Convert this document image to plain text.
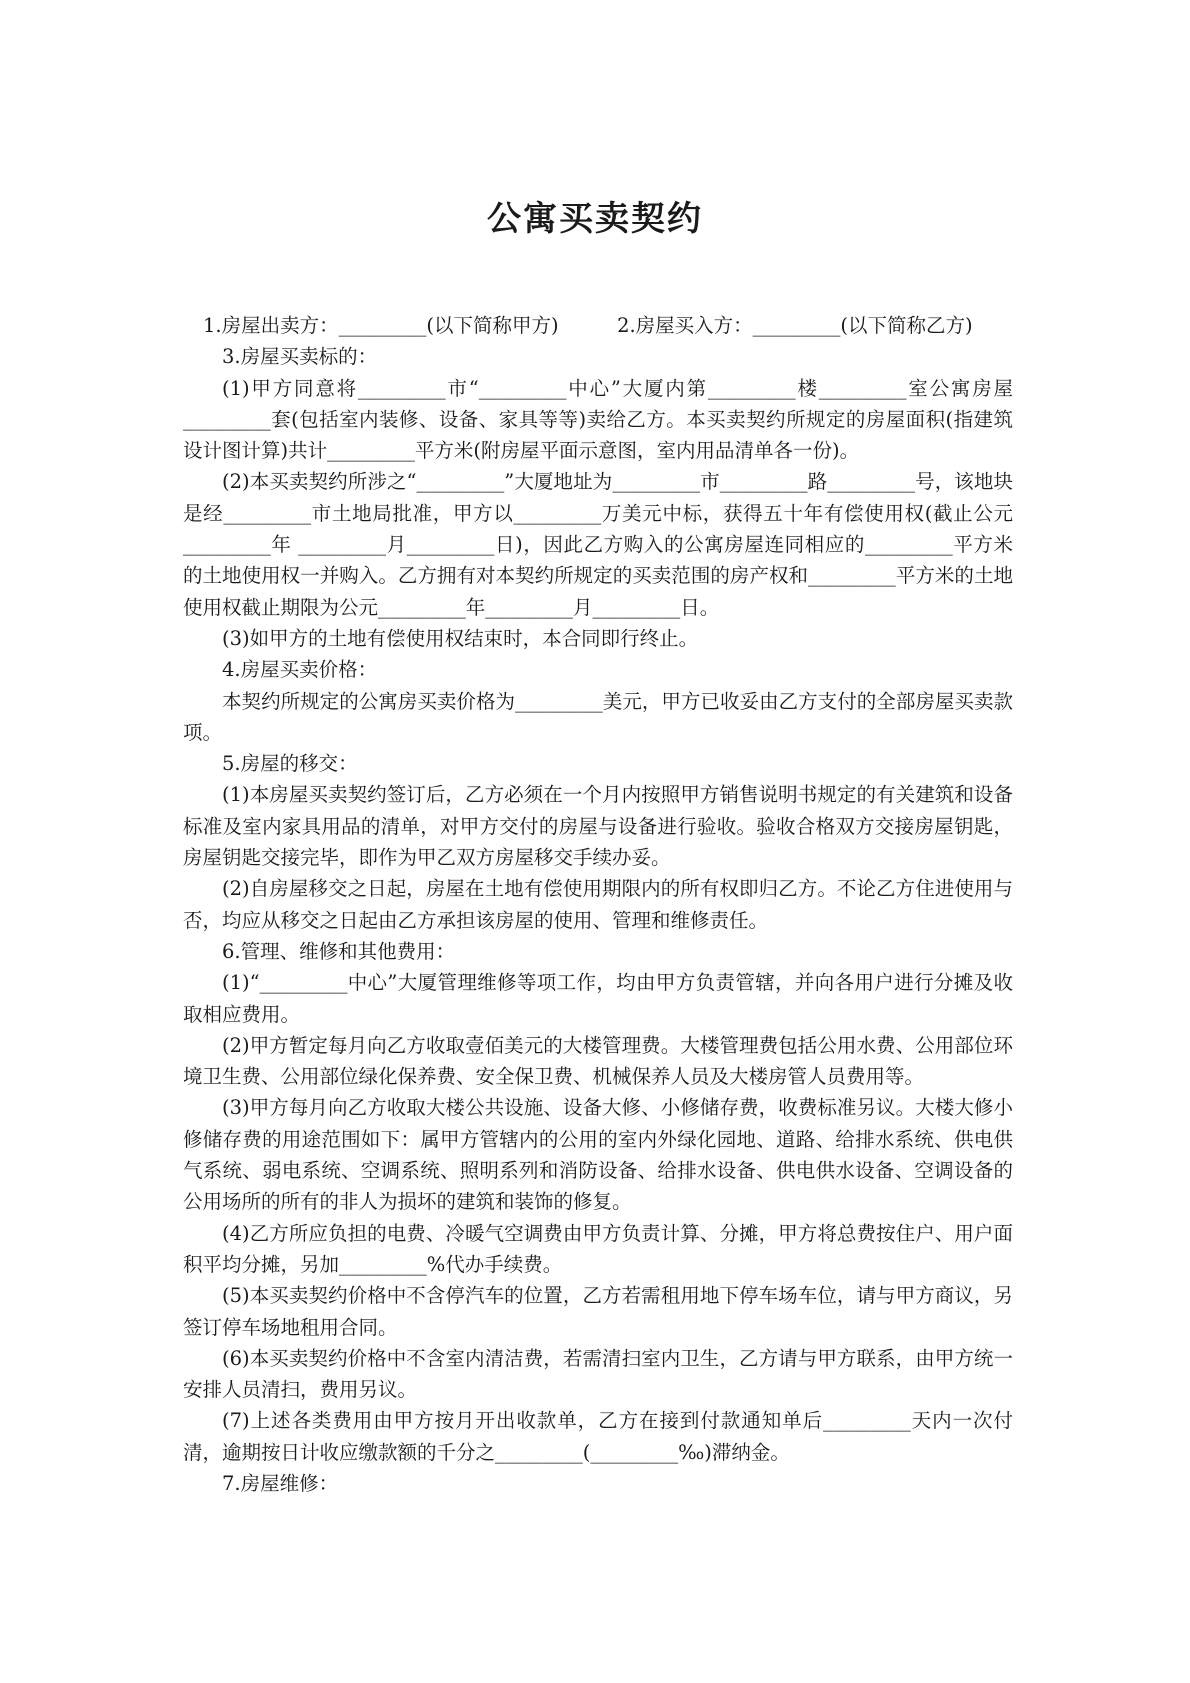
公寓买卖契约

1.房屋出卖方：_________(以下简称甲方)　　　2.房屋买入方：_________(以下简称乙方)

3.房屋买卖标的：

(1)甲方同意将_________市“_________中心”大厦内第_________楼_________室公寓房屋_________套(包括室内装修、设备、家具等等)卖给乙方。本买卖契约所规定的房屋面积(指建筑设计图计算)共计_________平方米(附房屋平面示意图，室内用品清单各一份)。

(2)本买卖契约所涉之“_________”大厦地址为_________市_________路_________号，该地块是经_________市土地局批准，甲方以_________万美元中标，获得五十年有偿使用权(截止公元_________年 _________月_________日)，因此乙方购入的公寓房屋连同相应的_________平方米的土地使用权一并购入。乙方拥有对本契约所规定的买卖范围的房产权和_________平方米的土地使用权截止期限为公元_________年_________月_________日。

(3)如甲方的土地有偿使用权结束时，本合同即行终止。

4.房屋买卖价格：

本契约所规定的公寓房买卖价格为_________美元，甲方已收妥由乙方支付的全部房屋买卖款项。

5.房屋的移交：

(1)本房屋买卖契约签订后，乙方必须在一个月内按照甲方销售说明书规定的有关建筑和设备标准及室内家具用品的清单，对甲方交付的房屋与设备进行验收。验收合格双方交接房屋钥匙，房屋钥匙交接完毕，即作为甲乙双方房屋移交手续办妥。

(2)自房屋移交之日起，房屋在土地有偿使用期限内的所有权即归乙方。不论乙方住进使用与否，均应从移交之日起由乙方承担该房屋的使用、管理和维修责任。

6.管理、维修和其他费用：

(1)“_________中心”大厦管理维修等项工作，均由甲方负责管辖，并向各用户进行分摊及收取相应费用。

(2)甲方暂定每月向乙方收取壹佰美元的大楼管理费。大楼管理费包括公用水费、公用部位环境卫生费、公用部位绿化保养费、安全保卫费、机械保养人员及大楼房管人员费用等。

(3)甲方每月向乙方收取大楼公共设施、设备大修、小修储存费，收费标准另议。大楼大修小修储存费的用途范围如下：属甲方管辖内的公用的室内外绿化园地、道路、给排水系统、供电供气系统、弱电系统、空调系统、照明系列和消防设备、给排水设备、供电供水设备、空调设备的公用场所的所有的非人为损坏的建筑和装饰的修复。

(4)乙方所应负担的电费、冷暖气空调费由甲方负责计算、分摊，甲方将总费按住户、用户面积平均分摊，另加_________%代办手续费。

(5)本买卖契约价格中不含停汽车的位置，乙方若需租用地下停车场车位，请与甲方商议，另签订停车场地租用合同。

(6)本买卖契约价格中不含室内清洁费，若需清扫室内卫生，乙方请与甲方联系，由甲方统一安排人员清扫，费用另议。

(7)上述各类费用由甲方按月开出收款单，乙方在接到付款通知单后_________天内一次付清，逾期按日计收应缴款额的千分之_________(_________‰)滞纳金。

7.房屋维修：
